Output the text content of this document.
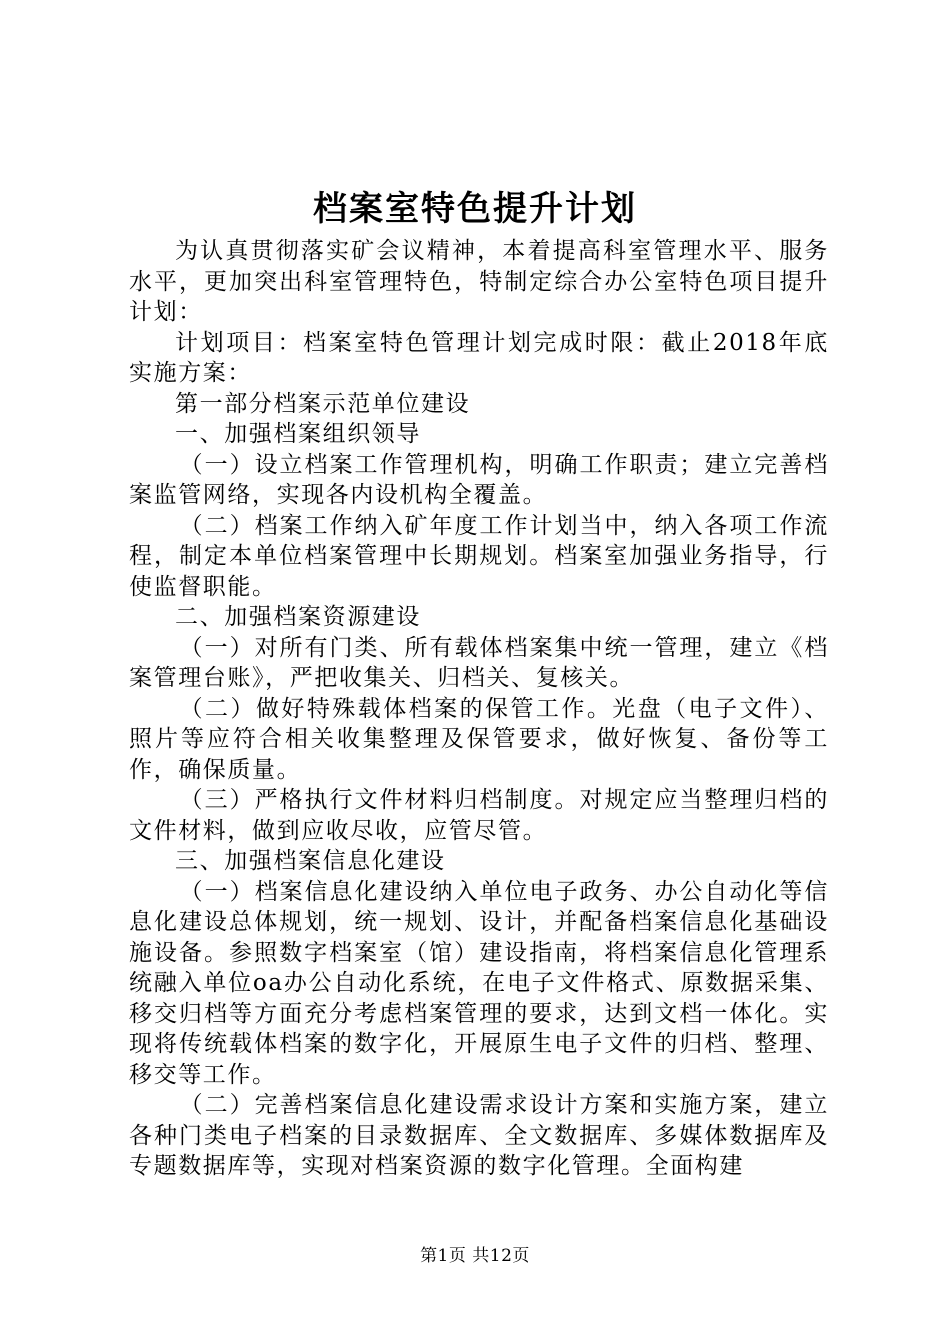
档案室特色提升计划

为认真贯彻落实矿会议精神，本着提高科室管理水平、服务水平，更加突出科室管理特色，特制定综合办公室特色项目提升计划：

计划项目：档案室特色管理计划完成时限：截止2018年底实施方案：

第一部分档案示范单位建设

一、加强档案组织领导

（一）设立档案工作管理机构，明确工作职责；建立完善档案监管网络，实现各内设机构全覆盖。

（二）档案工作纳入矿年度工作计划当中，纳入各项工作流程，制定本单位档案管理中长期规划。档案室加强业务指导，行使监督职能。

二、加强档案资源建设

（一）对所有门类、所有载体档案集中统一管理，建立《档案管理台账》，严把收集关、归档关、复核关。

（二）做好特殊载体档案的保管工作。光盘（电子文件）、照片等应符合相关收集整理及保管要求，做好恢复、备份等工作，确保质量。

（三）严格执行文件材料归档制度。对规定应当整理归档的文件材料，做到应收尽收，应管尽管。

三、加强档案信息化建设

（一）档案信息化建设纳入单位电子政务、办公自动化等信息化建设总体规划，统一规划、设计，并配备档案信息化基础设施设备。参照数字档案室（馆）建设指南，将档案信息化管理系统融入单位oa办公自动化系统，在电子文件格式、原数据采集、移交归档等方面充分考虑档案管理的要求，达到文档一体化。实现将传统载体档案的数字化，开展原生电子文件的归档、整理、移交等工作。

（二）完善档案信息化建设需求设计方案和实施方案，建立各种门类电子档案的目录数据库、全文数据库、多媒体数据库及专题数据库等，实现对档案资源的数字化管理。全面构建

第1页 共12页
